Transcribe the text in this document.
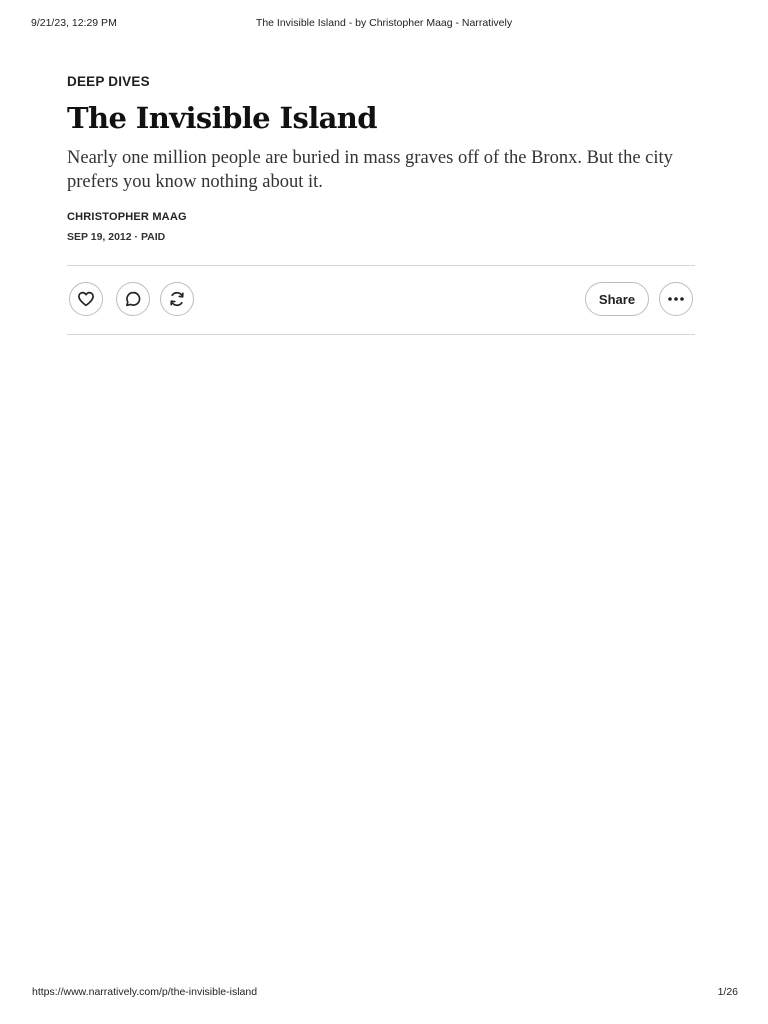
9/21/23, 12:29 PM	The Invisible Island - by Christopher Maag - Narratively
DEEP DIVES
The Invisible Island
Nearly one million people are buried in mass graves off of the Bronx. But the city prefers you know nothing about it.
CHRISTOPHER MAAG
SEP 19, 2012 · PAID
Share
https://www.narratively.com/p/the-invisible-island	1/26
